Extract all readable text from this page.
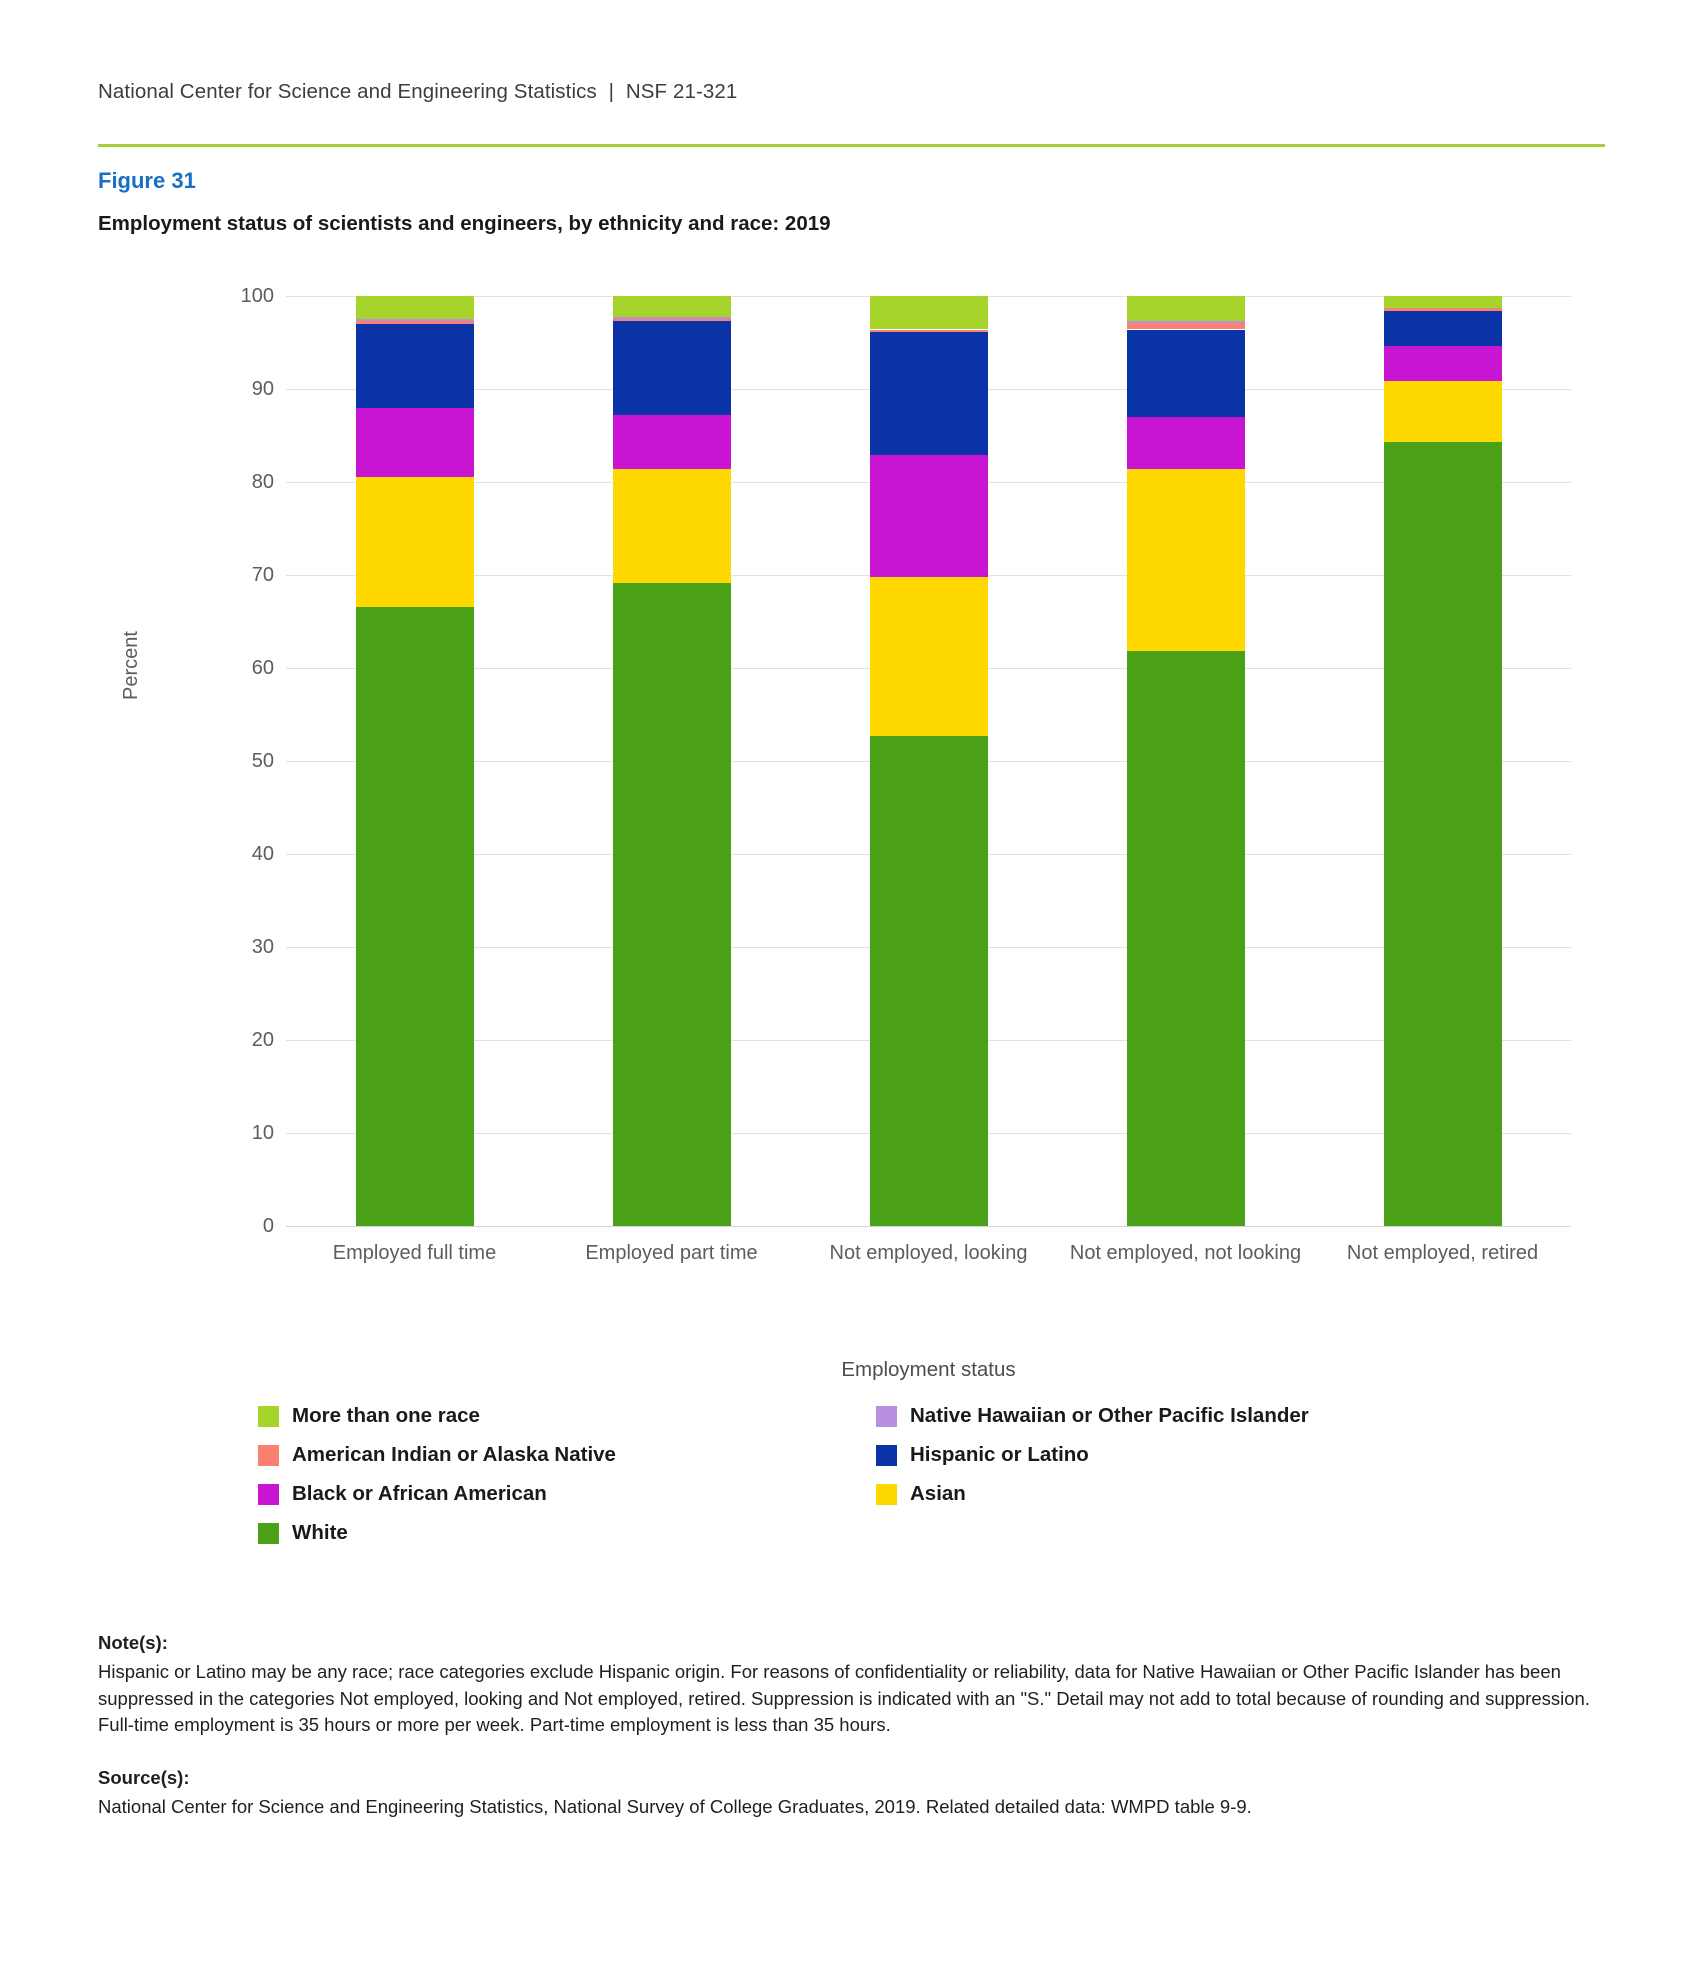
National Center for Science and Engineering Statistics | NSF 21-321
Figure 31
Employment status of scientists and engineers, by ethnicity and race: 2019
Percent
Employment status
0
10
20
30
40
50
60
70
80
90
100
Employed full time	Employed part time	Not employed, looking	Not employed, not looking	Not employed, retired
More than one race	Native Hawaiian or Other Pacific Islander
American Indian or Alaska Native	Hispanic or Latino
Black or African American	Asian
White
Note(s):

Hispanic or Latino may be any race; race categories exclude Hispanic origin. For reasons of confidentiality or reliability, data for Native Hawaiian or Other Pacific Islander has been suppressed in the categories Not employed, looking and Not employed, retired. Suppression is indicated with an "S." Detail may not add to total because of rounding and suppression. Full-time employment is 35 hours or more per week. Part-time employment is less than 35 hours.

Source(s):

National Center for Science and Engineering Statistics, National Survey of College Graduates, 2019. Related detailed data: WMPD table 9-9.
